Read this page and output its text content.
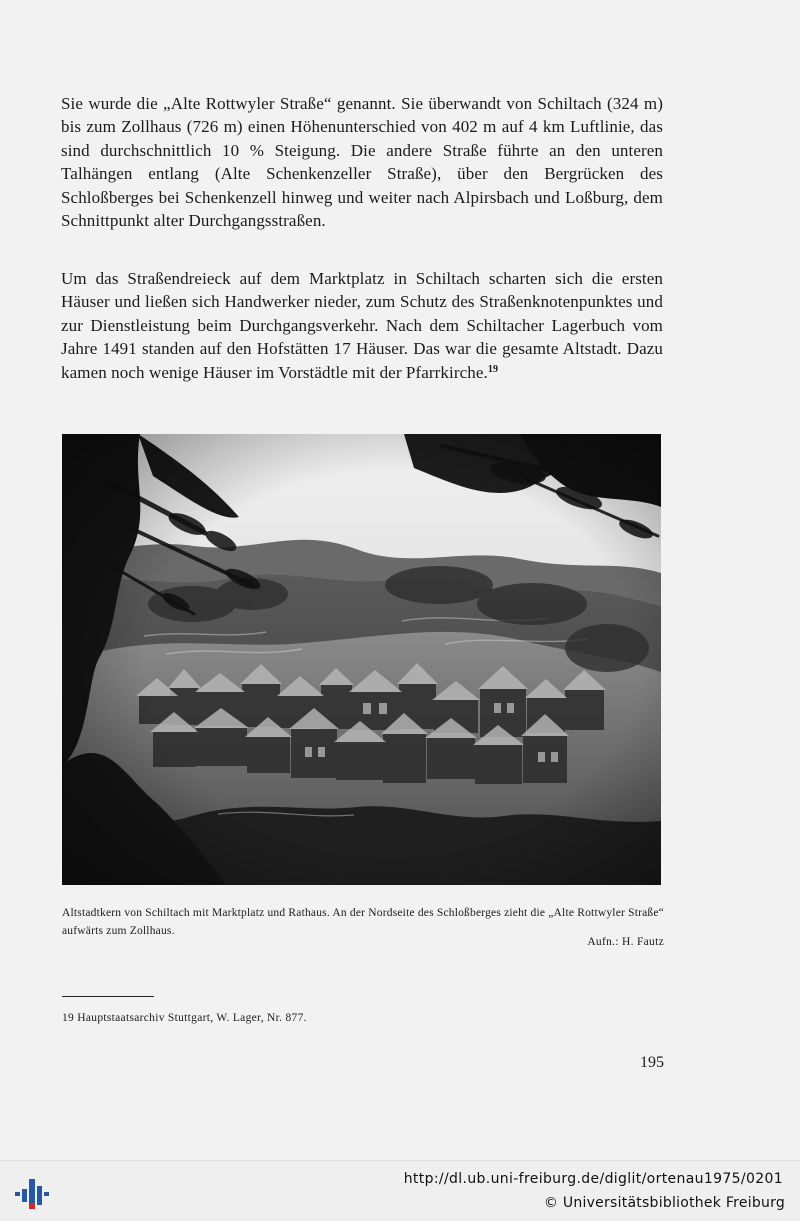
Sie wurde die „Alte Rottwyler Straße“ genannt. Sie überwandt von Schiltach (324 m) bis zum Zollhaus (726 m) einen Höhenunterschied von 402 m auf 4 km Luftlinie, das sind durchschnittlich 10 % Steigung. Die andere Straße führte an den unteren Talhängen entlang (Alte Schenkenzeller Straße), über den Bergrücken des Schloßberges bei Schenkenzell hinweg und weiter nach Alpirsbach und Loßburg, dem Schnittpunkt alter Durchgangsstraßen.

Um das Straßendreieck auf dem Marktplatz in Schiltach scharten sich die ersten Häuser und ließen sich Handwerker nieder, zum Schutz des Straßenknotenpunktes und zur Dienstleistung beim Durchgangsverkehr. Nach dem Schiltacher Lagerbuch vom Jahre 1491 standen auf den Hofstätten 17 Häuser. Das war die gesamte Altstadt. Dazu kamen noch wenige Häuser im Vorstädtle mit der Pfarrkirche.$^{19}$

Altstadtkern von Schiltach mit Marktplatz und Rathaus. An der Nordseite des Schloßberges zieht die „Alte Rottwyler Straße“ aufwärts zum Zollhaus.

Aufn.: H. Fautz
19 Hauptstaatsarchiv Stuttgart, W. Lager, Nr. 877.
195
http://dl.ub.uni-freiburg.de/diglit/ortenau1975/0201
© Universitätsbibliothek Freiburg
